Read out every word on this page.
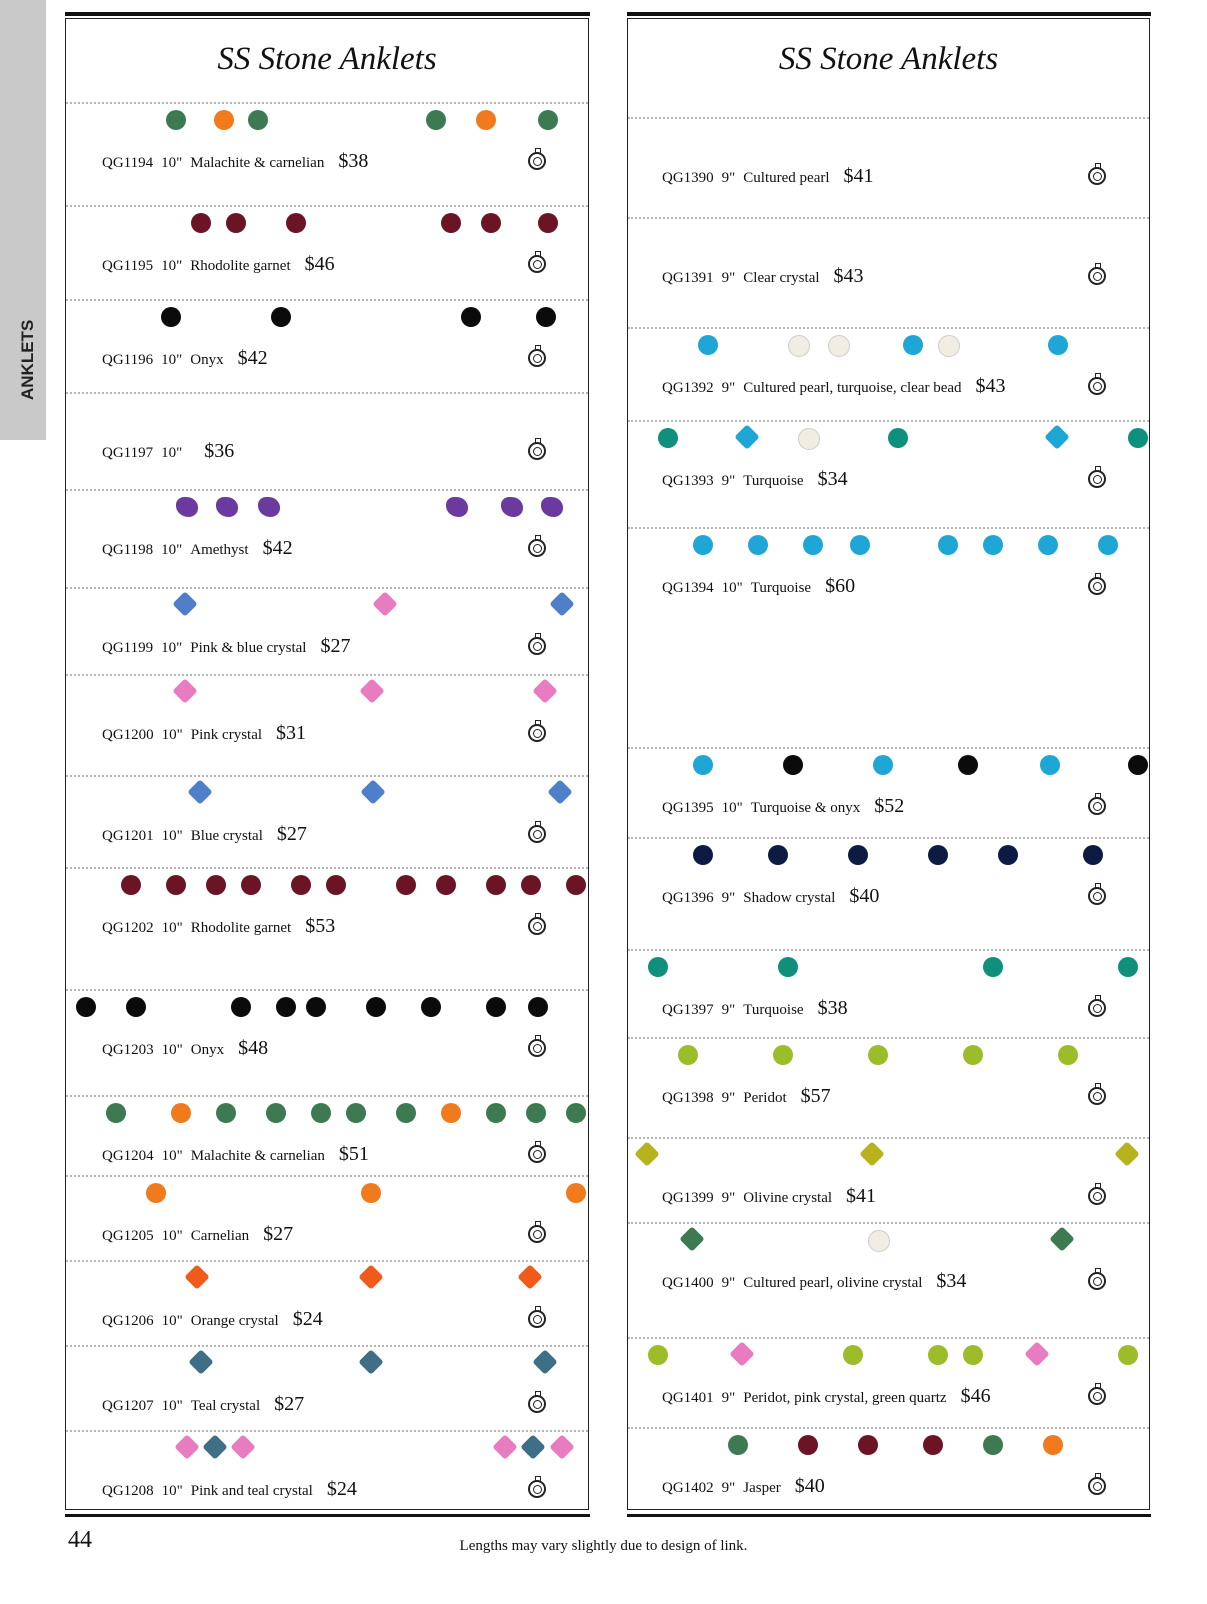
ANKLETS
SS Stone Anklets
QG1194 10" Malachite & carnelian $38
QG1195 10" Rhodolite garnet $46
QG1196 10" Onyx $42
QG1197 10" $36
QG1198 10" Amethyst $42
QG1199 10" Pink & blue crystal $27
QG1200 10" Pink crystal $31
QG1201 10" Blue crystal $27
QG1202 10" Rhodolite garnet $53
QG1203 10" Onyx $48
QG1204 10" Malachite & carnelian $51
QG1205 10" Carnelian $27
QG1206 10" Orange crystal $24
QG1207 10" Teal crystal $27
QG1208 10" Pink and teal crystal $24
SS Stone Anklets
QG1390 9" Cultured pearl $41
QG1391 9" Clear crystal $43
QG1392 9" Cultured pearl, turquoise, clear bead $43
QG1393 9" Turquoise $34
QG1394 10" Turquoise $60
QG1395 10" Turquoise & onyx $52
QG1396 9" Shadow crystal $40
QG1397 9" Turquoise $38
QG1398 9" Peridot $57
QG1399 9" Olivine crystal $41
QG1400 9" Cultured pearl, olivine crystal $34
QG1401 9" Peridot, pink crystal, green quartz $46
QG1402 9" Jasper $40
44	Lengths may vary slightly due to design of link.
